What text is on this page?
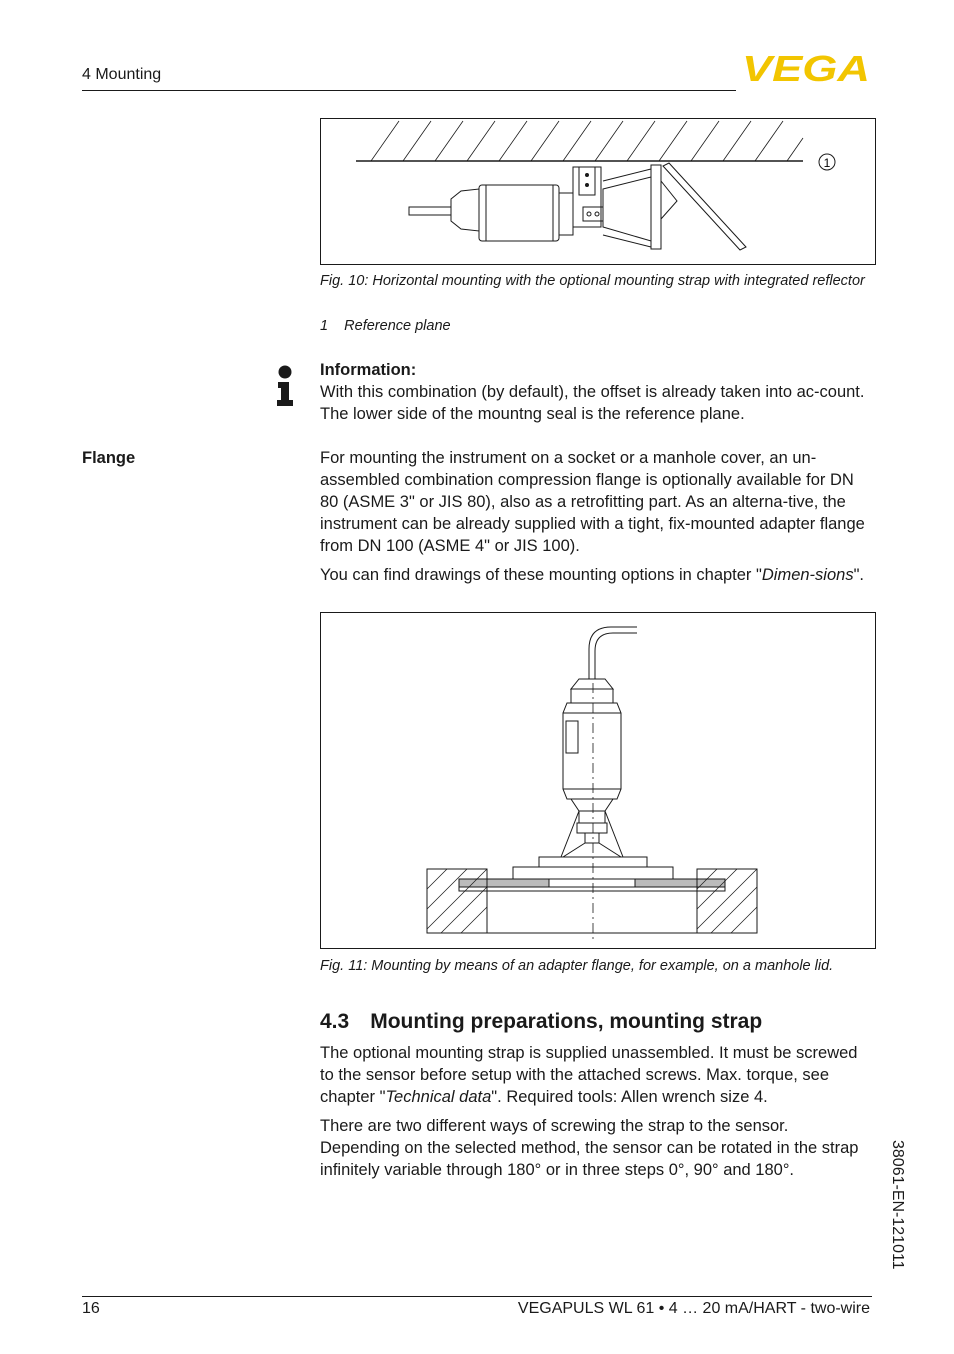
4 Mounting	VEGA
1
Fig. 10: Horizontal mounting with the optional mounting strap with integrated reflector
1    Reference plane
Information:
With this combination (by default), the offset is already taken into ac-count. The lower side of the mountng seal is the reference plane.
Flange	For mounting the instrument on a socket or a manhole cover, an un-assembled combination compression flange is optionally available for DN 80 (ASME 3" or JIS 80), also as a retrofitting part. As an alterna-tive, the instrument can be already supplied with a tight, fix-mounted adapter flange from DN 100 (ASME 4" or JIS 100).

You can find drawings of these mounting options in chapter "Dimen-sions".

Fig. 11: Mounting by means of an adapter flange, for example, on a manhole lid.
4.3 Mounting preparations, mounting strap

The optional mounting strap is supplied unassembled. It must be screwed to the sensor before setup with the attached screws. Max. torque, see chapter "Technical data". Required tools: Allen wrench size 4.

There are two different ways of screwing the strap to the sensor. Depending on the selected method, the sensor can be rotated in the strap infinitely variable through 180° or in three steps 0°, 90° and 180°.	38061-EN-121011
16	VEGAPULS WL 61 • 4 … 20 mA/HART - two-wire
